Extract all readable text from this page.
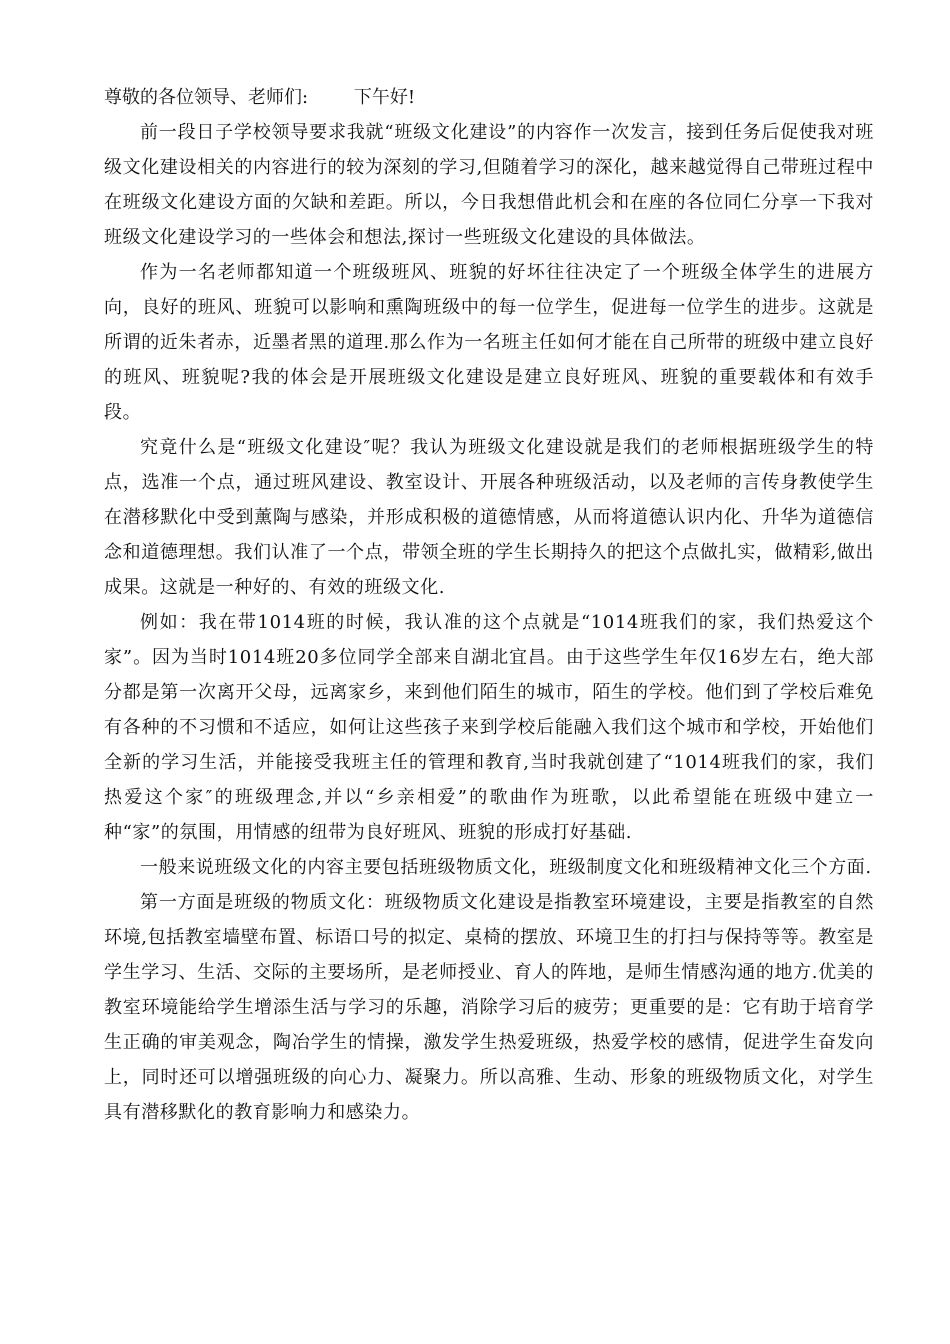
尊敬的各位领导、老师们:        下午好!

前一段日子学校领导要求我就“班级文化建设”的内容作一次发言，接到任务后促使我对班级文化建设相关的内容进行的较为深刻的学习,但随着学习的深化，越来越觉得自己带班过程中在班级文化建设方面的欠缺和差距。所以，今日我想借此机会和在座的各位同仁分享一下我对班级文化建设学习的一些体会和想法,探讨一些班级文化建设的具体做法。

作为一名老师都知道一个班级班风、班貌的好坏往往决定了一个班级全体学生的进展方向，良好的班风、班貌可以影响和熏陶班级中的每一位学生，促进每一位学生的进步。这就是所谓的近朱者赤，近墨者黑的道理.那么作为一名班主任如何才能在自己所带的班级中建立良好的班风、班貌呢?我的体会是开展班级文化建设是建立良好班风、班貌的重要载体和有效手段。

究竟什么是“班级文化建设″呢？我认为班级文化建设就是我们的老师根据班级学生的特点，选准一个点，通过班风建设、教室设计、开展各种班级活动，以及老师的言传身教使学生在潜移默化中受到薰陶与感染，并形成积极的道德情感，从而将道德认识内化、升华为道德信念和道德理想。我们认准了一个点，带领全班的学生长期持久的把这个点做扎实，做精彩,做出成果。这就是一种好的、有效的班级文化.

例如：我在带1014班的时候，我认准的这个点就是“1014班我们的家，我们热爱这个家”。因为当时1014班20多位同学全部来自湖北宜昌。由于这些学生年仅16岁左右，绝大部分都是第一次离开父母，远离家乡，来到他们陌生的城市，陌生的学校。他们到了学校后难免有各种的不习惯和不适应，如何让这些孩子来到学校后能融入我们这个城市和学校，开始他们全新的学习生活，并能接受我班主任的管理和教育,当时我就创建了“1014班我们的家，我们热爱这个家″的班级理念,并以“乡亲相爱”的歌曲作为班歌，以此希望能在班级中建立一种“家”的氛围，用情感的纽带为良好班风、班貌的形成打好基础.

一般来说班级文化的内容主要包括班级物质文化，班级制度文化和班级精神文化三个方面.

第一方面是班级的物质文化：班级物质文化建设是指教室环境建设，主要是指教室的自然环境,包括教室墙壁布置、标语口号的拟定、桌椅的摆放、环境卫生的打扫与保持等等。教室是学生学习、生活、交际的主要场所，是老师授业、育人的阵地，是师生情感沟通的地方.优美的教室环境能给学生增添生活与学习的乐趣，消除学习后的疲劳；更重要的是：它有助于培育学生正确的审美观念，陶冶学生的情操，激发学生热爱班级，热爱学校的感情，促进学生奋发向上，同时还可以增强班级的向心力、凝聚力。所以高雅、生动、形象的班级物质文化，对学生具有潜移默化的教育影响力和感染力。
